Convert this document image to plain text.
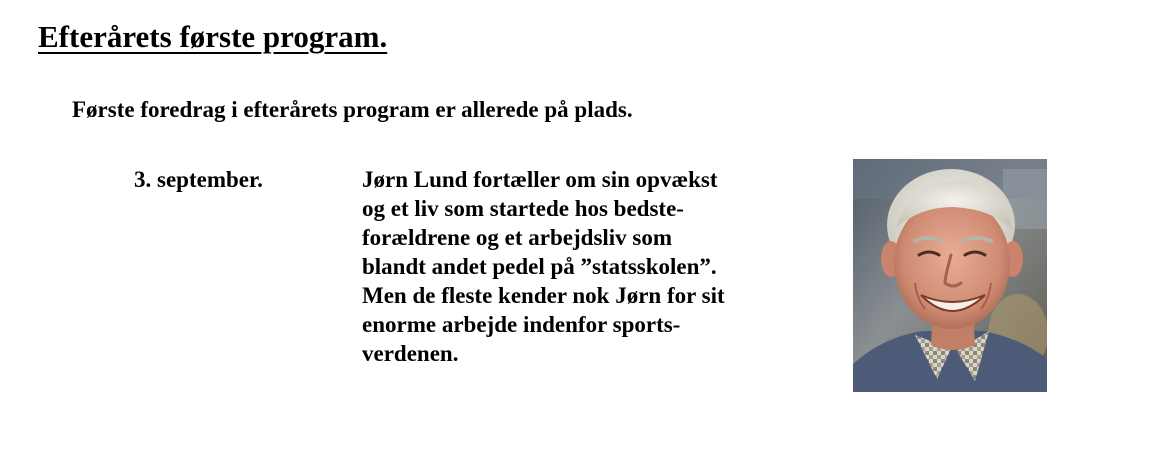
Efterårets første program.

Første foredrag i efterårets program er allerede på plads.

3. september.	Jørn Lund fortæller om sin opvækst
og et liv som startede hos bedste-
forældrene og et arbejdsliv som
blandt andet pedel på ”statsskolen”.
Men de fleste kender nok Jørn for sit
enorme arbejde indenfor sports-
verdenen.
